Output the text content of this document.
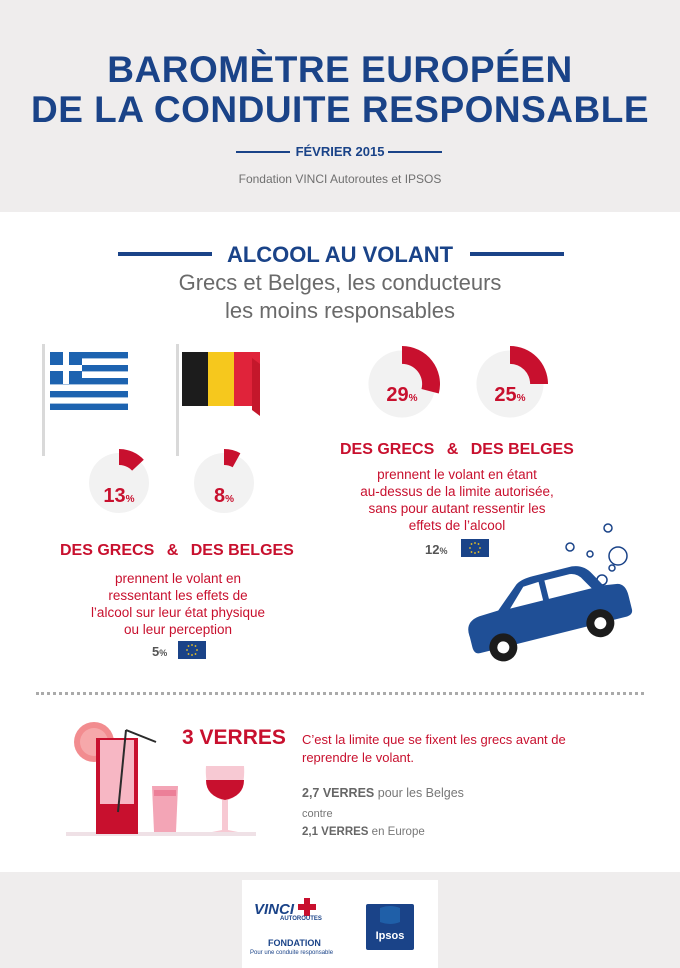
BAROMÈTRE EUROPÉEN
DE LA CONDUITE RESPONSABLE
FÉVRIER 2015
Fondation VINCI Autoroutes et IPSOS
ALCOOL AU VOLANT
Grecs et Belges, les conducteurs
les moins responsables
13%	8%
DES GRECS & DES BELGES
prennent le volant en
ressentant les effets de
l’alcool sur leur état physique
ou leur perception
5%
29%	25%
DES GRECS & DES BELGES
prennent le volant en étant
au-dessus de la limite autorisée,
sans pour autant ressentir les
effets de l’alcool
12%
3 VERRES C’est la limite que se fixent les grecs avant de reprendre le volant.
2,7 VERRES pour les Belges
contre
2,1 VERRES en Europe
VINCI
AUTOROUTES
FONDATION
Pour une conduite responsable
Ipsos
